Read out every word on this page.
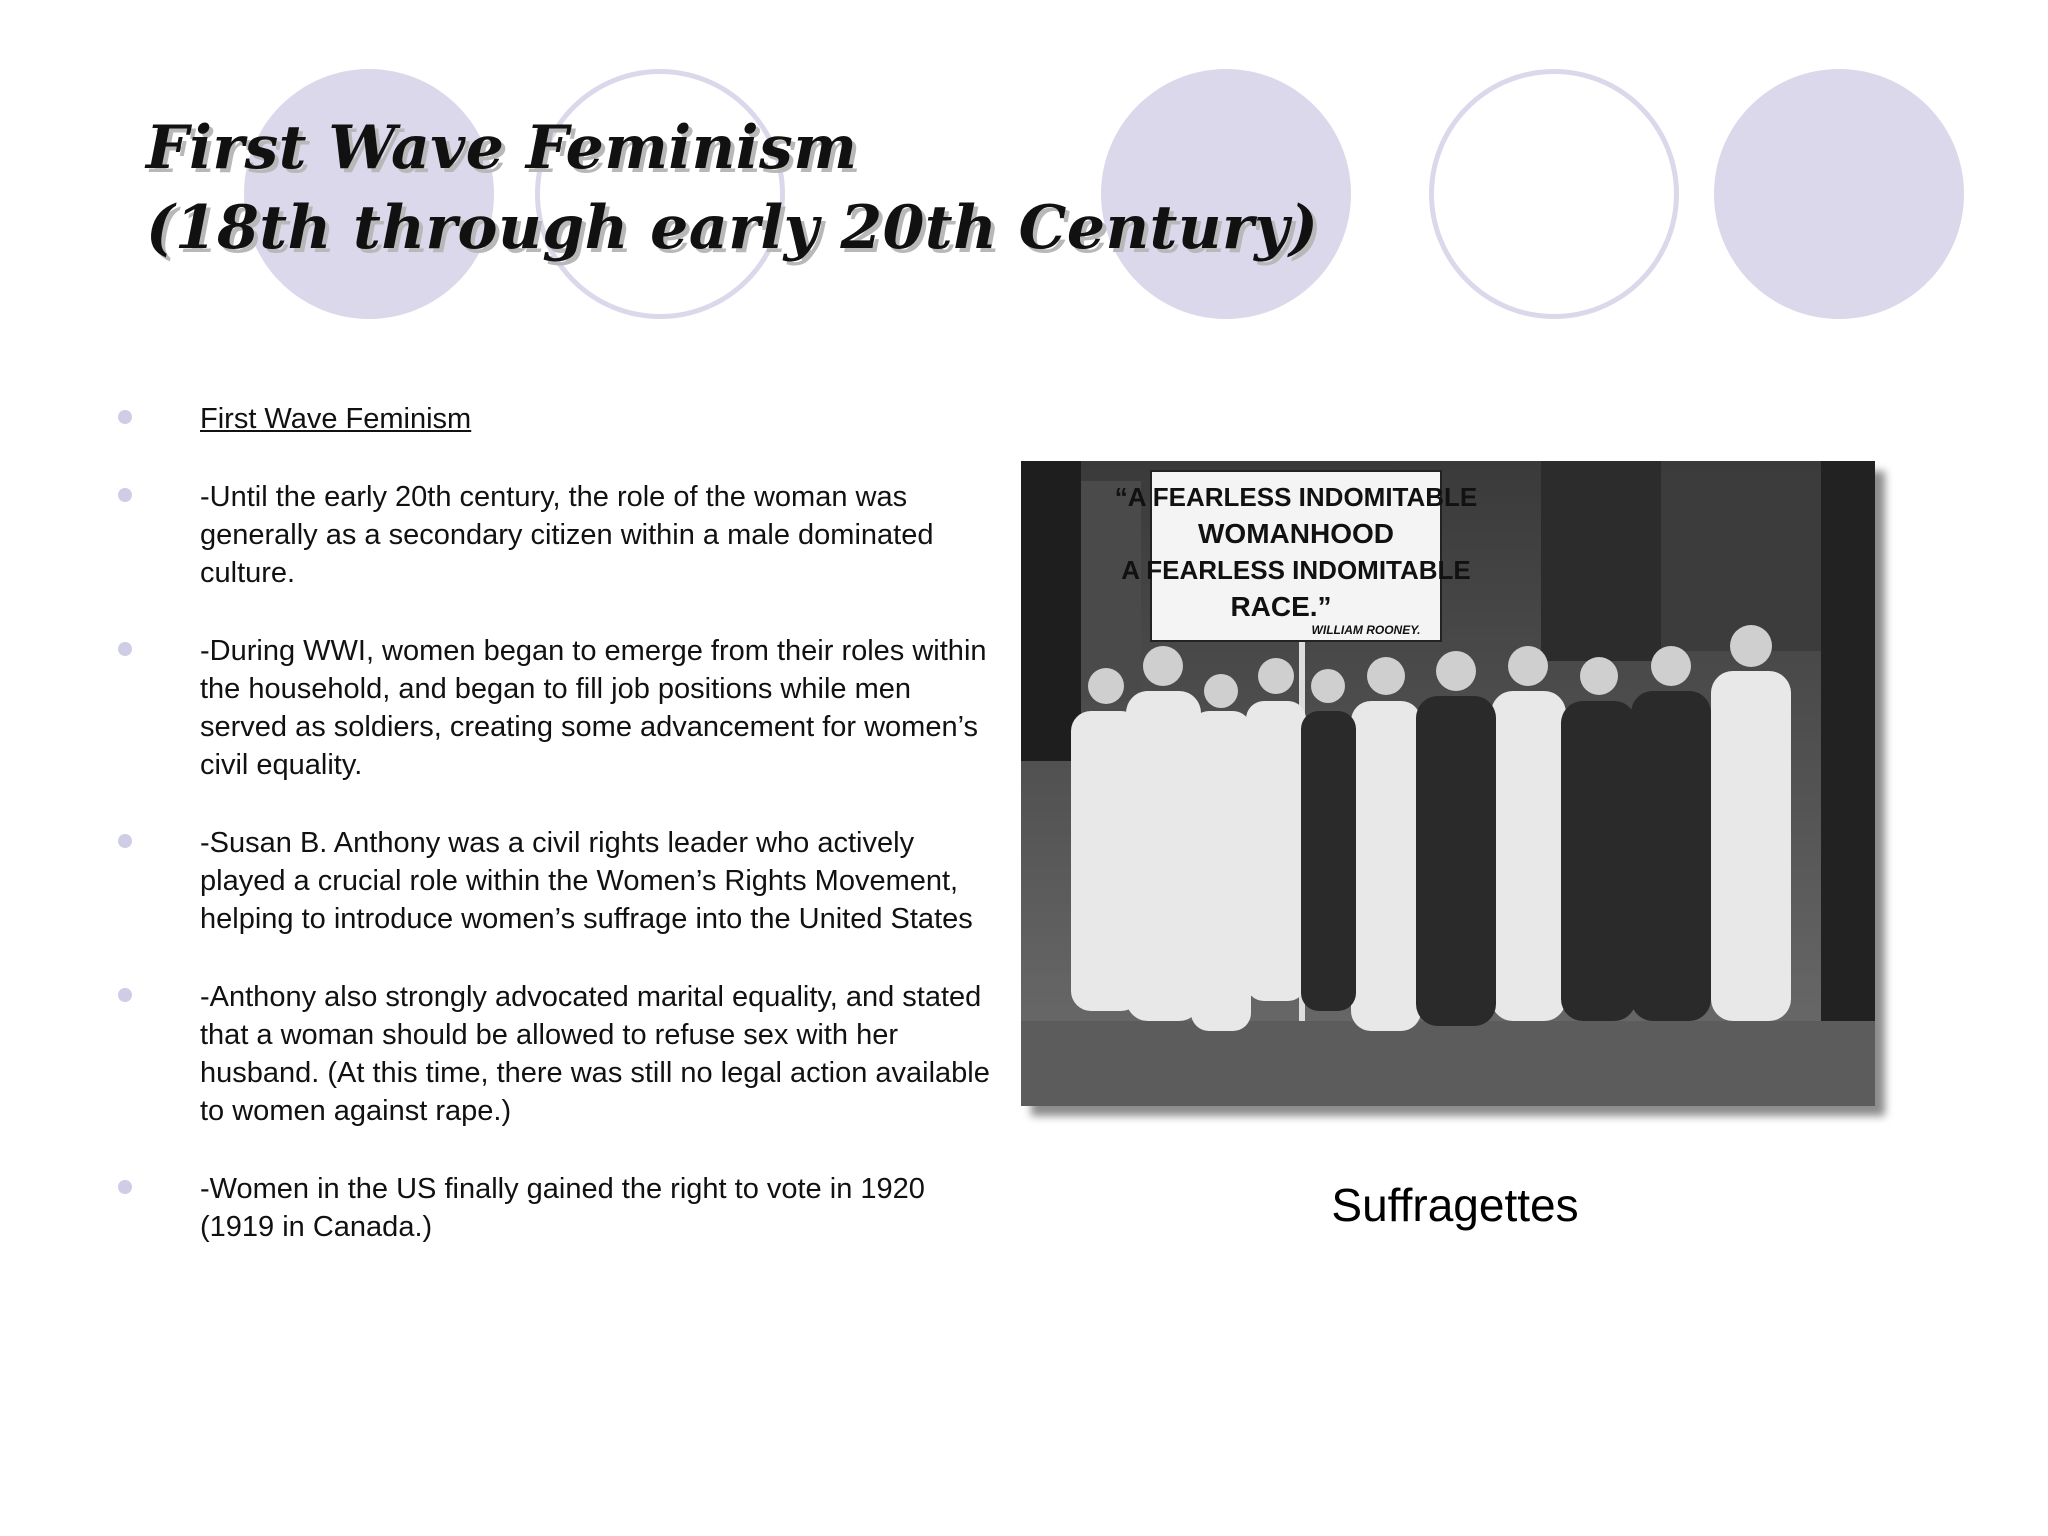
First Wave Feminism
(18th through early 20th Century)
First Wave Feminism
-Until the early 20th century, the role of the woman was generally as a secondary citizen within a male dominated culture.
-During WWI, women began to emerge from their roles within the household, and began to fill job positions while men served as soldiers, creating some advancement for women’s civil equality.
-Susan B. Anthony was a civil rights leader who actively played a crucial role within the Women’s Rights Movement, helping to introduce women’s suffrage into the United States
-Anthony also strongly advocated marital equality, and stated that a woman should be allowed to refuse sex with her husband. (At this time, there was still no legal action available to women against rape.)
-Women in the US finally gained the right to vote in 1920 (1919 in Canada.)
“A FEARLESS INDOMITABLE
WOMANHOOD
A FEARLESS INDOMITABLE
RACE.”
WILLIAM ROONEY.
Suffragettes
